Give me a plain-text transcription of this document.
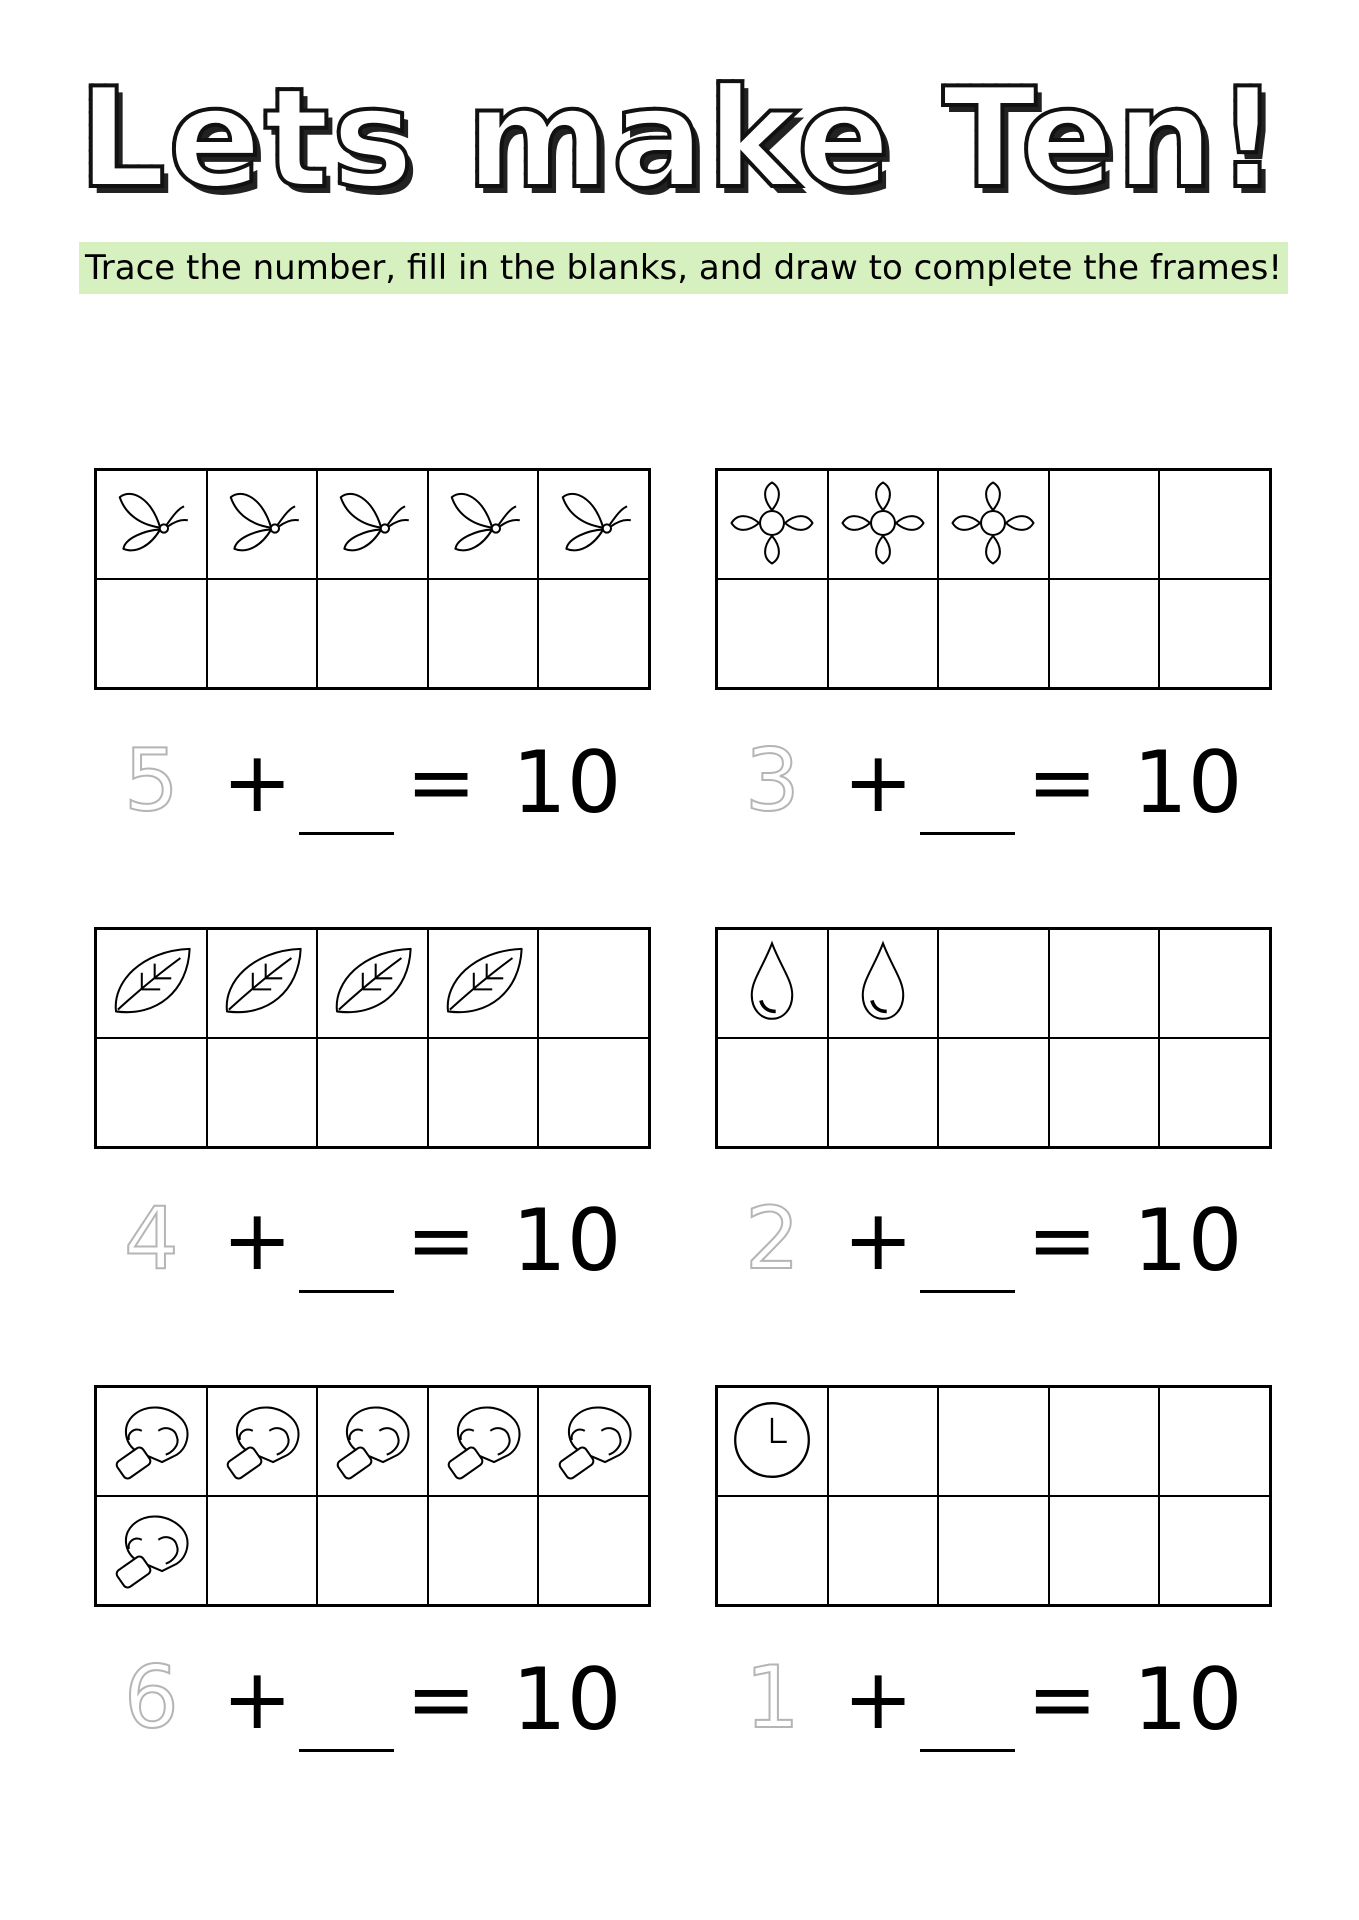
Lets make Ten!
Trace the number, fill in the blanks, and draw to complete the frames!
5 + = 10 3 + = 10
4 + = 10 2 + = 10
6 + = 10 1 + = 10
